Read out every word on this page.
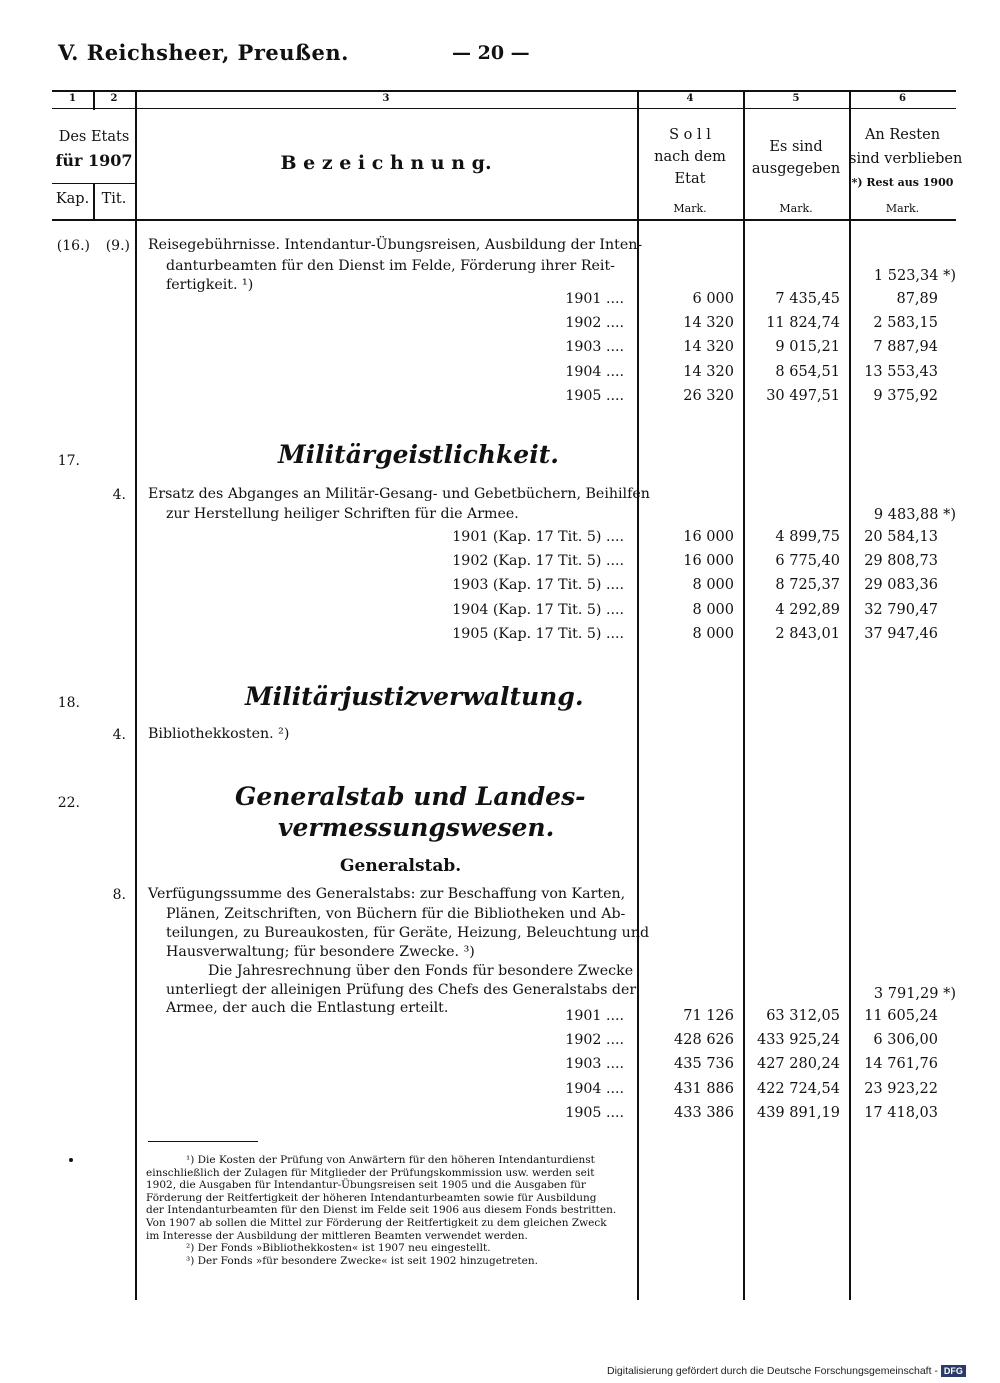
V. Reichsheer, Preußen.	— 20 —
1	2	3	4	5	6
Des Etats
für 1907
Kap. Tit.
B e z e i c h n u n g.
S o l l
nach dem
Etat
Es sind
ausgegeben
An Resten
sind verblieben
*) Rest aus 1900
Mark.	Mark.	Mark.
(16.)	(9.) Reisegebührnisse. Intendantur-Übungsreisen, Ausbildung der Inten-
danturbeamten für den Dienst im Felde, Förderung ihrer Reit-
fertigkeit. ¹)
1 523,34 *)
1901 ....	6 000	7 435,45	87,89
1902 ....	14 320	11 824,74	2 583,15
1903 ....	14 320	9 015,21	7 887,94
1904 ....	14 320	8 654,51	13 553,43
1905 ....	26 320	30 497,51	9 375,92
17.	Militärgeistlichkeit.
4. Ersatz des Abganges an Militär-Gesang- und Gebetbüchern, Beihilfen
zur Herstellung heiliger Schriften für die Armee.	9 483,88 *)
1901 (Kap. 17 Tit. 5) ....	16 000	4 899,75	20 584,13
1902 (Kap. 17 Tit. 5) ....	16 000	6 775,40	29 808,73
1903 (Kap. 17 Tit. 5) ....	8 000	8 725,37	29 083,36
1904 (Kap. 17 Tit. 5) ....	8 000	4 292,89	32 790,47
1905 (Kap. 17 Tit. 5) ....	8 000	2 843,01	37 947,46
18.	Militärjustizverwaltung.
4. Bibliothekkosten. ²)
22.	Generalstab und Landes-
vermessungswesen.
Generalstab.
8. Verfügungssumme des Generalstabs: zur Beschaffung von Karten,
Plänen, Zeitschriften, von Büchern für die Bibliotheken und Ab-
teilungen, zu Bureaukosten, für Geräte, Heizung, Beleuchtung und
Hausverwaltung; für besondere Zwecke. ³)
Die Jahresrechnung über den Fonds für besondere Zwecke
unterliegt der alleinigen Prüfung des Chefs des Generalstabs der
Armee, der auch die Entlastung erteilt.
3 791,29 *)
1901 ....	71 126	63 312,05	11 605,24
1902 ....	428 626	433 925,24	6 306,00
1903 ....	435 736	427 280,24	14 761,76
1904 ....	431 886	422 724,54	23 923,22
1905 ....	433 386	439 891,19	17 418,03
¹) Die Kosten der Prüfung von Anwärtern für den höheren Intendanturdienst
einschließlich der Zulagen für Mitglieder der Prüfungskommission usw. werden seit
1902, die Ausgaben für Intendantur-Übungsreisen seit 1905 und die Ausgaben für
Förderung der Reitfertigkeit der höheren Intendanturbeamten sowie für Ausbildung
der Intendanturbeamten für den Dienst im Felde seit 1906 aus diesem Fonds bestritten.
Von 1907 ab sollen die Mittel zur Förderung der Reitfertigkeit zu dem gleichen Zweck
im Interesse der Ausbildung der mittleren Beamten verwendet werden.
²) Der Fonds »Bibliothekkosten« ist 1907 neu eingestellt.
³) Der Fonds »für besondere Zwecke« ist seit 1902 hinzugetreten.
Digitalisierung gefördert durch die Deutsche Forschungsgemeinschaft - DFG
